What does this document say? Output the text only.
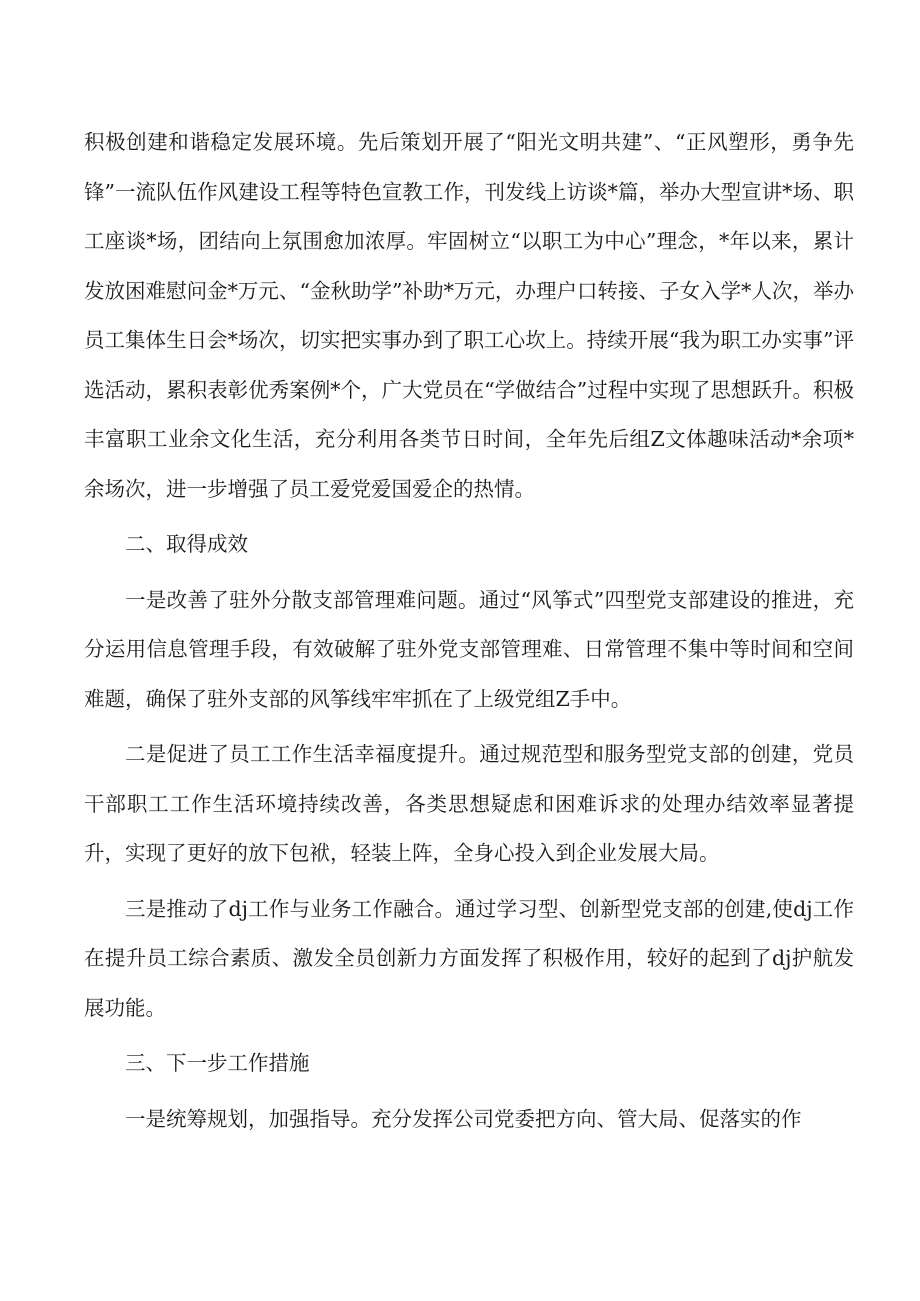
积极创建和谐稳定发展环境。先后策划开展了“阳光文明共建”、“正风塑形，勇争先锋”一流队伍作风建设工程等特色宣教工作，刊发线上访谈*篇，举办大型宣讲*场、职工座谈*场，团结向上氛围愈加浓厚。牢固树立“以职工为中心”理念，*年以来，累计发放困难慰问金*万元、“金秋助学”补助*万元，办理户口转接、子女入学*人次，举办员工集体生日会*场次，切实把实事办到了职工心坎上。持续开展“我为职工办实事”评选活动，累积表彰优秀案例*个，广大党员在“学做结合”过程中实现了思想跃升。积极丰富职工业余文化生活，充分利用各类节日时间，全年先后组Z文体趣味活动*余项*余场次，进一步增强了员工爱党爱国爱企的热情。

二、取得成效

一是改善了驻外分散支部管理难问题。通过“风筝式”四型党支部建设的推进，充分运用信息管理手段，有效破解了驻外党支部管理难、日常管理不集中等时间和空间难题，确保了驻外支部的风筝线牢牢抓在了上级党组Z手中。

二是促进了员工工作生活幸福度提升。通过规范型和服务型党支部的创建，党员干部职工工作生活环境持续改善，各类思想疑虑和困难诉求的处理办结效率显著提升，实现了更好的放下包袱，轻装上阵，全身心投入到企业发展大局。

三是推动了dj工作与业务工作融合。通过学习型、创新型党支部的创建,使dj工作在提升员工综合素质、激发全员创新力方面发挥了积极作用，较好的起到了dj护航发展功能。

三、下一步工作措施

一是统筹规划，加强指导。充分发挥公司党委把方向、管大局、促落实的作
